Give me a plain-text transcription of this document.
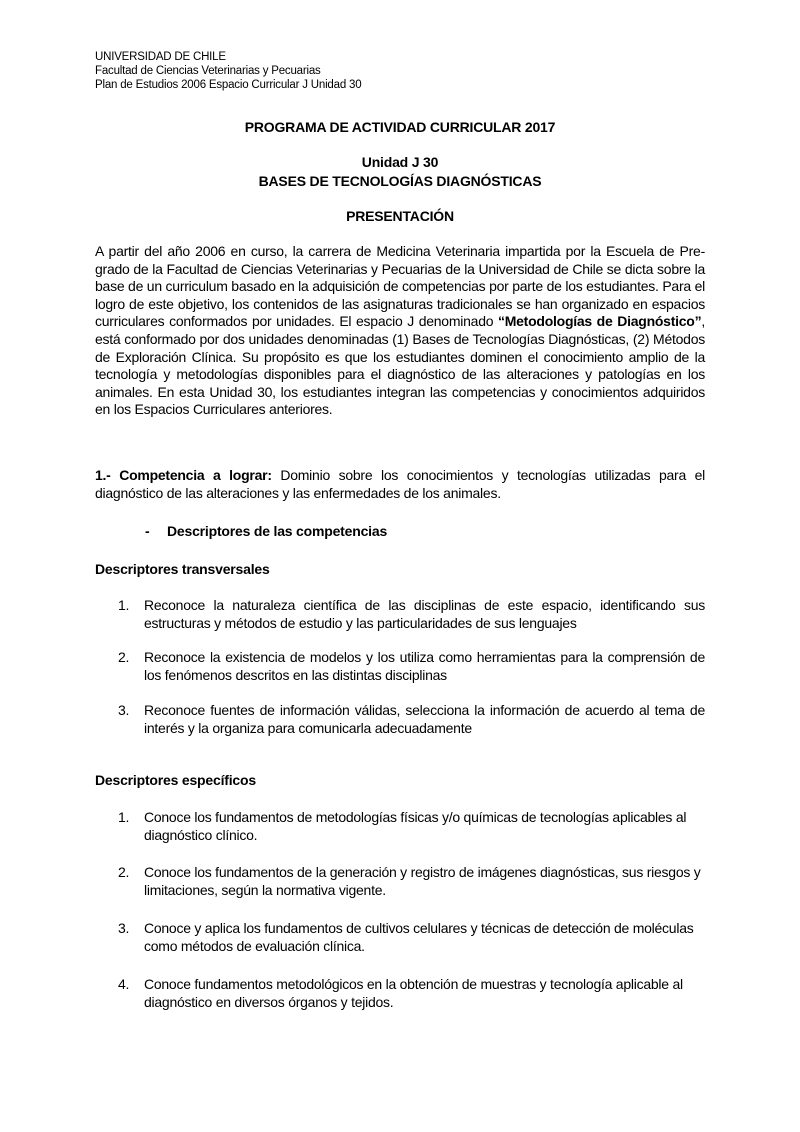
UNIVERSIDAD DE CHILE
Facultad de Ciencias Veterinarias y Pecuarias
Plan de Estudios 2006 Espacio Curricular J Unidad 30
PROGRAMA DE ACTIVIDAD CURRICULAR 2017
Unidad J 30
BASES DE TECNOLOGÍAS DIAGNÓSTICAS
PRESENTACIÓN
A partir del año 2006 en curso, la carrera de Medicina Veterinaria impartida por la Escuela de Pre-grado de la Facultad de Ciencias Veterinarias y Pecuarias de la Universidad de Chile se dicta sobre la base de un curriculum basado en la adquisición de competencias por parte de los estudiantes. Para el logro de este objetivo, los contenidos de las asignaturas tradicionales se han organizado en espacios curriculares conformados por unidades. El espacio J denominado “Metodologías de Diagnóstico”, está conformado por dos unidades denominadas (1) Bases de Tecnologías Diagnósticas, (2) Métodos de Exploración Clínica. Su propósito es que los estudiantes dominen el conocimiento amplio de la tecnología y metodologías disponibles para el diagnóstico de las alteraciones y patologías en los animales. En esta Unidad 30, los estudiantes integran las competencias y conocimientos adquiridos en los Espacios Curriculares anteriores.
1.- Competencia a lograr: Dominio sobre los conocimientos y tecnologías utilizadas para el diagnóstico de las alteraciones y las enfermedades de los animales.
- Descriptores de las competencias
Descriptores transversales
1. Reconoce la naturaleza científica de las disciplinas de este espacio, identificando sus estructuras y métodos de estudio y las particularidades de sus lenguajes
2. Reconoce la existencia de modelos y los utiliza como herramientas para la comprensión de los fenómenos descritos en las distintas disciplinas
3. Reconoce fuentes de información válidas, selecciona la información de acuerdo al tema de interés y la organiza para comunicarla adecuadamente
Descriptores específicos
1. Conoce los fundamentos de metodologías físicas y/o químicas de tecnologías aplicables al diagnóstico clínico.
2. Conoce los fundamentos de la generación y registro de imágenes diagnósticas, sus riesgos y limitaciones, según la normativa vigente.
3. Conoce y aplica los fundamentos de cultivos celulares y técnicas de detección de moléculas como métodos de evaluación clínica.
4. Conoce fundamentos metodológicos en la obtención de muestras y tecnología aplicable al diagnóstico en diversos órganos y tejidos.
